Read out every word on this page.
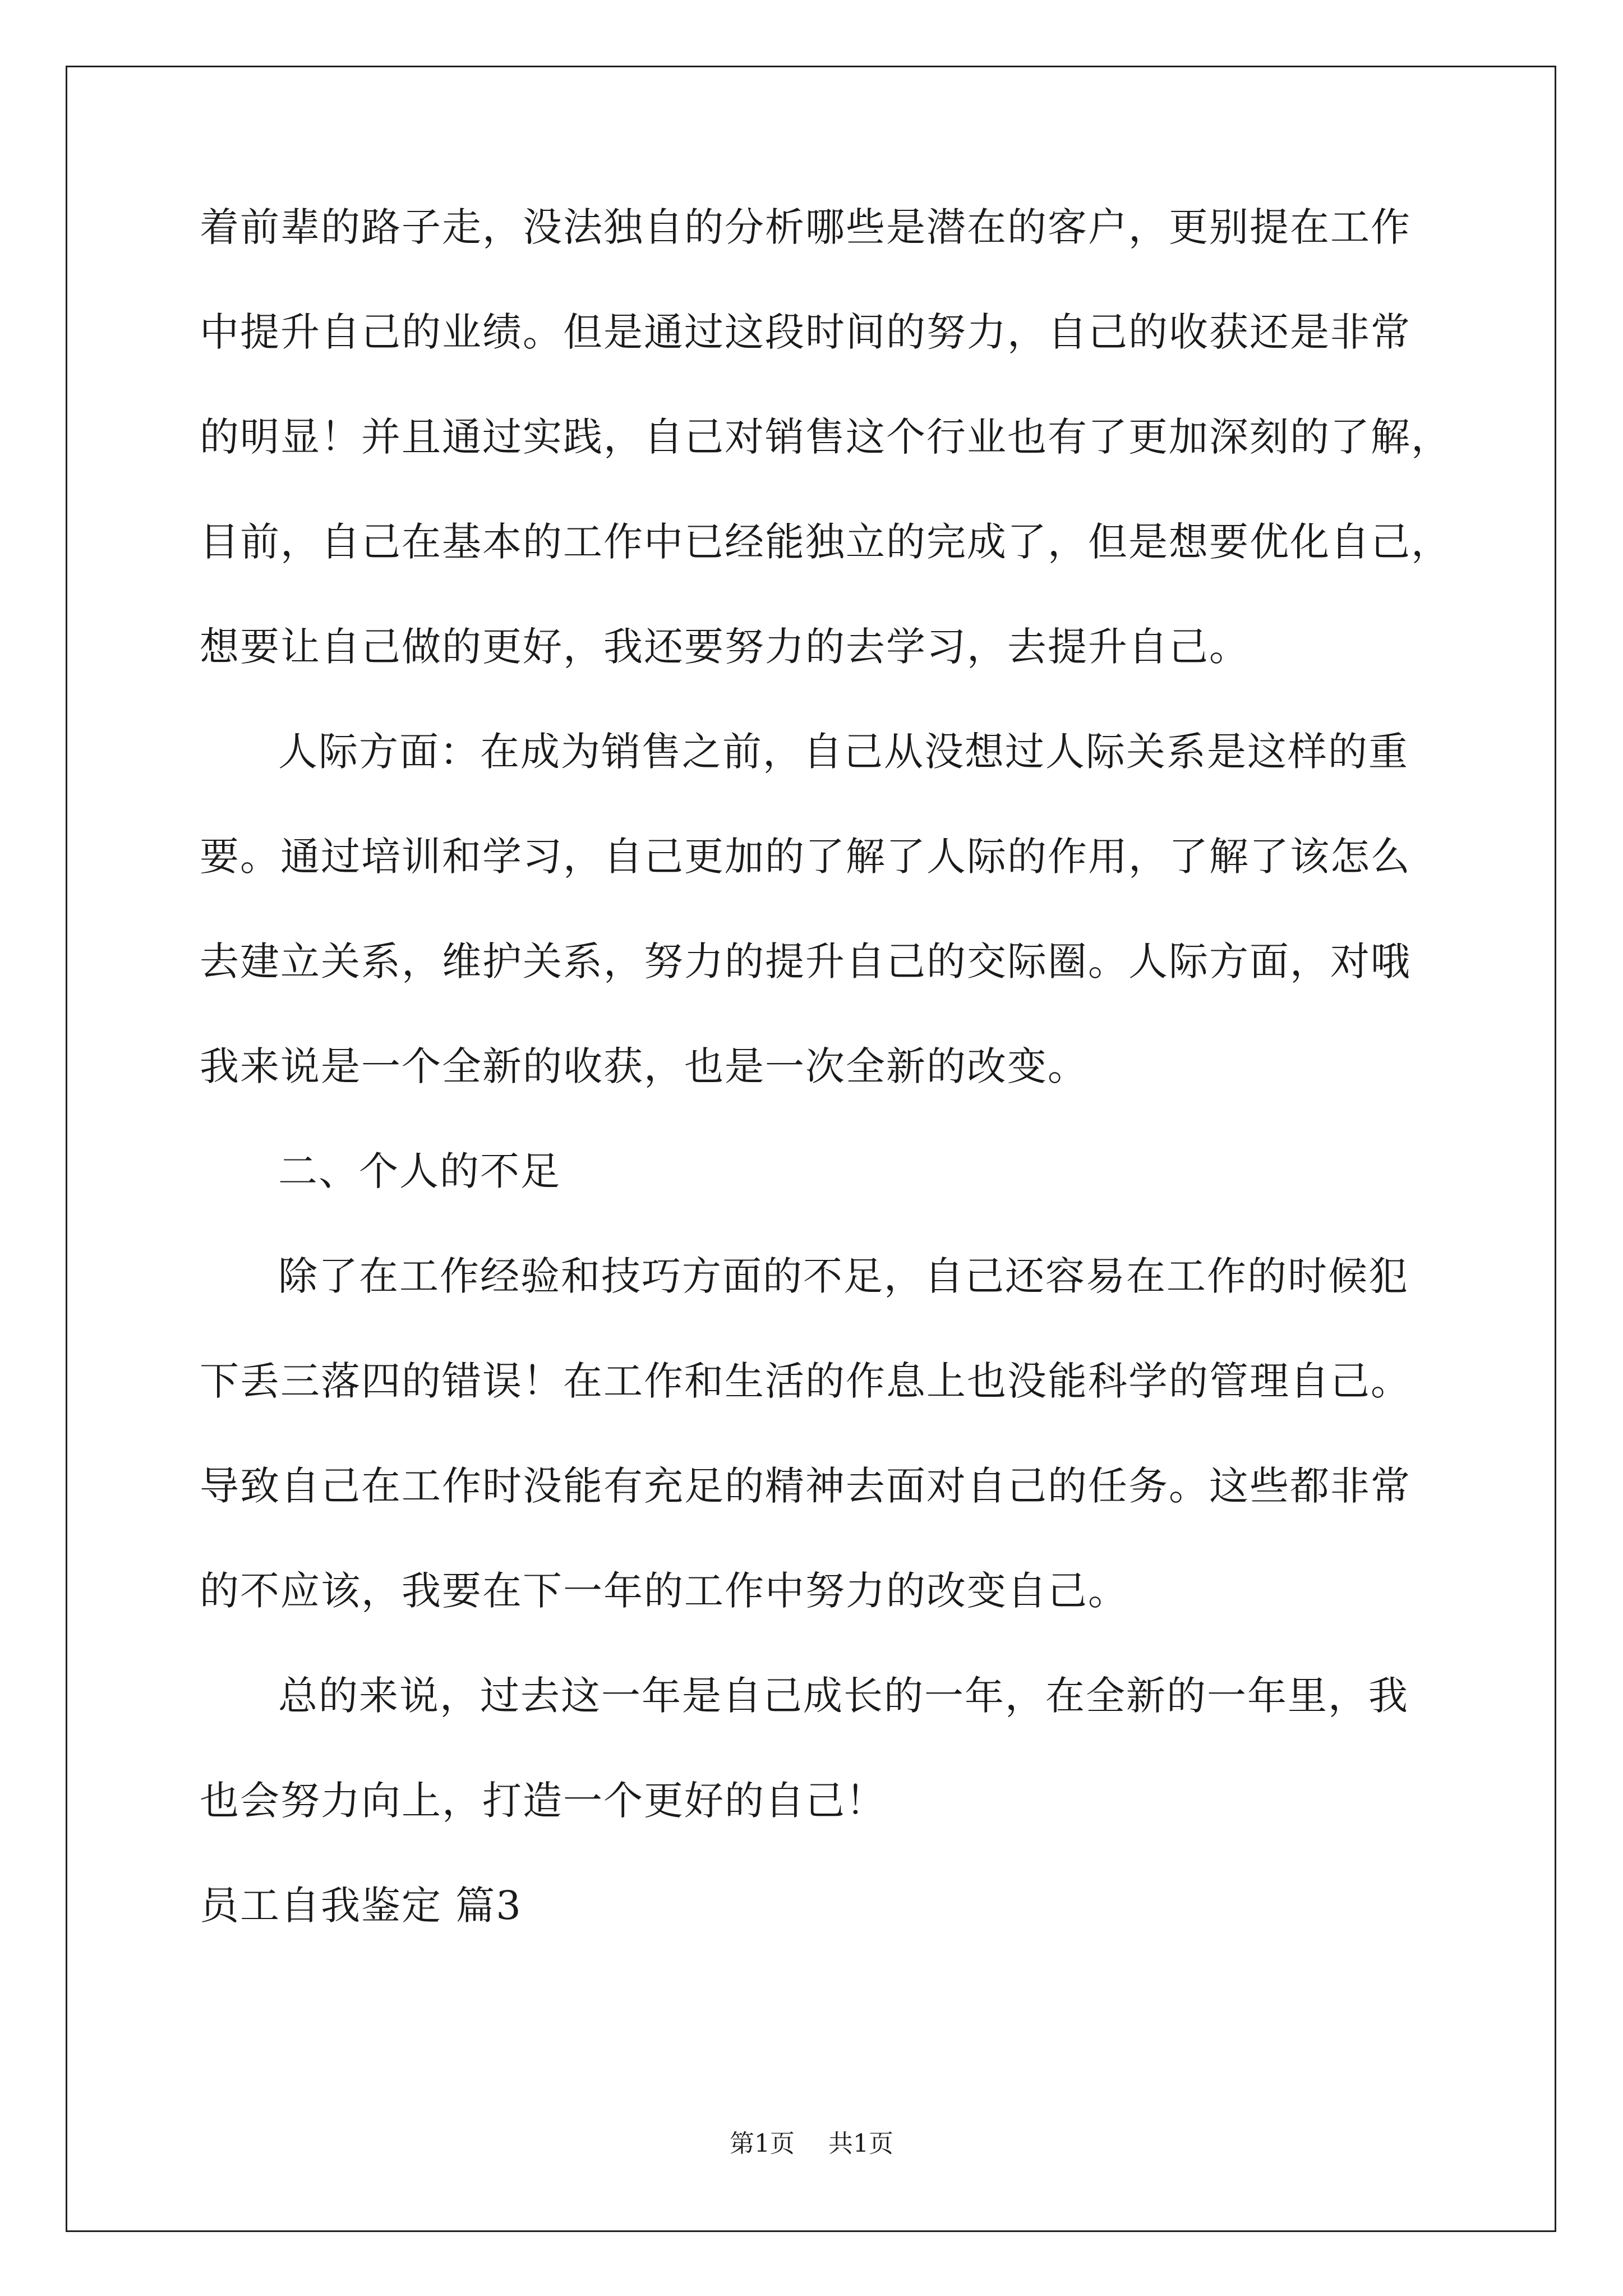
着前辈的路子走，没法独自的分析哪些是潜在的客户，更别提在工作
中提升自己的业绩。但是通过这段时间的努力，自己的收获还是非常
的明显！并且通过实践，自己对销售这个行业也有了更加深刻的了解，
目前，自己在基本的工作中已经能独立的完成了，但是想要优化自己，
想要让自己做的更好，我还要努力的去学习，去提升自己。
人际方面：在成为销售之前，自己从没想过人际关系是这样的重
要。通过培训和学习，自己更加的了解了人际的作用，了解了该怎么
去建立关系，维护关系，努力的提升自己的交际圈。人际方面，对哦
我来说是一个全新的收获，也是一次全新的改变。
二、个人的不足
除了在工作经验和技巧方面的不足，自己还容易在工作的时候犯
下丢三落四的错误！在工作和生活的作息上也没能科学的管理自己。
导致自己在工作时没能有充足的精神去面对自己的任务。这些都非常
的不应该，我要在下一年的工作中努力的改变自己。
总的来说，过去这一年是自己成长的一年，在全新的一年里，我
也会努力向上，打造一个更好的自己！
员工自我鉴定 篇3
第1页 共1页
